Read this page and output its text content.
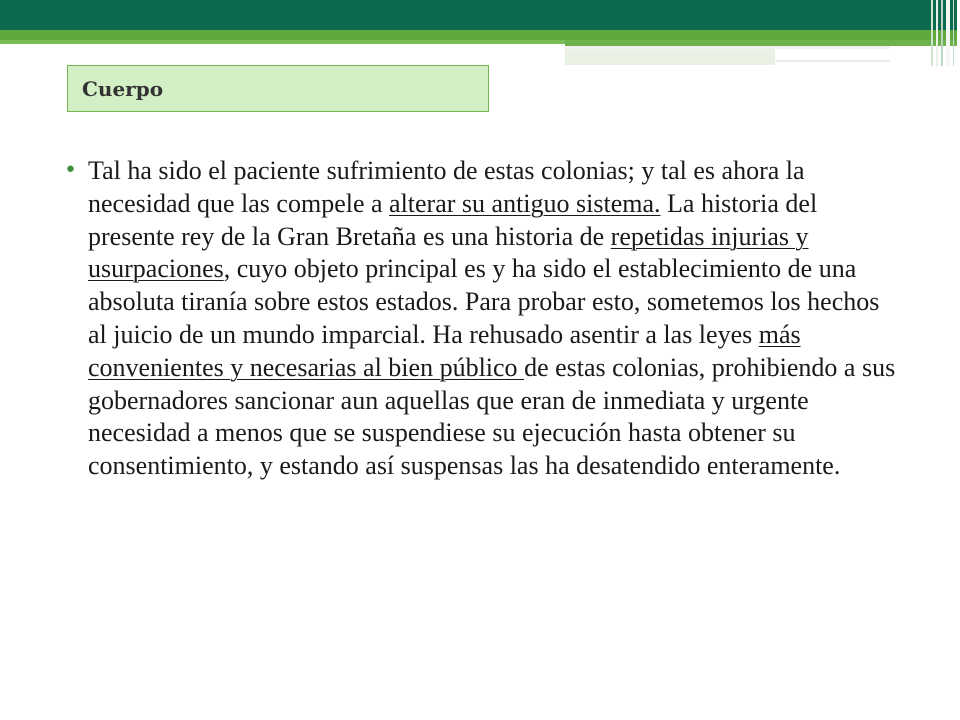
Cuerpo
• Tal ha sido el paciente sufrimiento de estas colonias; y tal es ahora la necesidad que las compele a alterar su antiguo sistema. La historia del presente rey de la Gran Bretaña es una historia de repetidas injurias y usurpaciones, cuyo objeto principal es y ha sido el establecimiento de una absoluta tiranía sobre estos estados. Para probar esto, sometemos los hechos al juicio de un mundo imparcial. Ha rehusado asentir a las leyes más convenientes y necesarias al bien público de estas colonias, prohibiendo a sus gobernadores sancionar aun aquellas que eran de inmediata y urgente necesidad a menos que se suspendiese su ejecución hasta obtener su consentimiento, y estando así suspensas las ha desatendido enteramente.
